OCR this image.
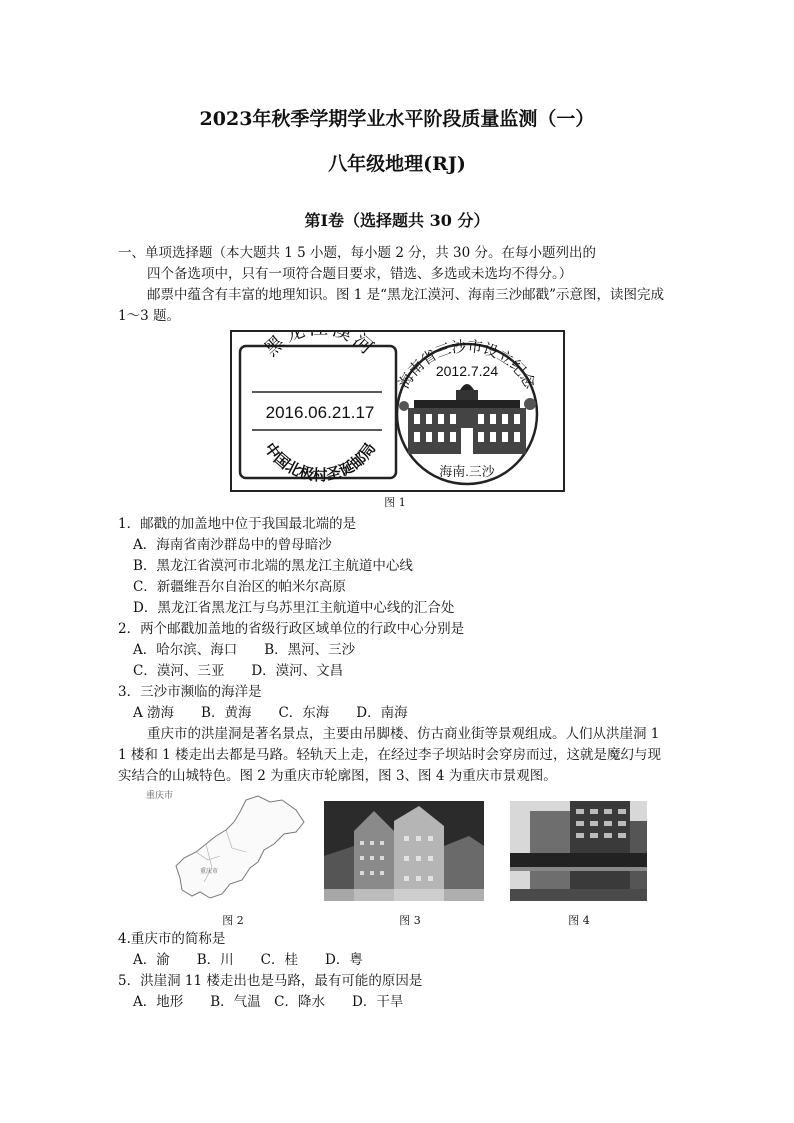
2023年秋季学期学业水平阶段质量监测（一）
八年级地理(RJ)
第Ⅰ卷（选择题共 30 分）
一、单项选择题（本大题共 1 5 小题，每小题 2 分，共 30 分。在每小题列出的
四个备选项中，只有一项符合题目要求，错选、多选或未选均不得分。）
邮票中蕴含有丰富的地理知识。图 1 是“黑龙江漠河、海南三沙邮戳”示意图，读图完成
1～3 题。
黑龙 漠河
2016.06.21.17
中国北极村圣诞邮局
海南省三沙市设立纪念
2012.7.24
海南.三沙
图 1
1．邮戳的加盖地中位于我国最北端的是
A．海南省南沙群岛中的曾母暗沙
B．黑龙江省漠河市北端的黑龙江主航道中心线
C．新疆维吾尔自治区的帕米尔高原
D．黑龙江省黑龙江与乌苏里江主航道中心线的汇合处
2．两个邮戳加盖地的省级行政区域单位的行政中心分别是
A．哈尔滨、海口　　B．黑河、三沙
C．漠河、三亚　　D．漠河、文昌
3．三沙市濒临的海洋是
A 渤海　　B．黄海　　C．东海　　D．南海
重庆市的洪崖洞是著名景点，主要由吊脚楼、仿古商业街等景观组成。人们从洪崖洞 1
1 楼和 1 楼走出去都是马路。轻轨天上走，在经过李子坝站时会穿房而过，这就是魔幻与现
实结合的山城特色。图 2 为重庆市轮廓图，图 3、图 4 为重庆市景观图。
重庆市
重庆市
图 2	图 3	图 4
4.重庆市的简称是
A．渝　　B．川　　C．桂　　D．粤
5．洪崖洞 11 楼走出也是马路，最有可能的原因是
A．地形　　B．气温　C．降水　　D．干旱
